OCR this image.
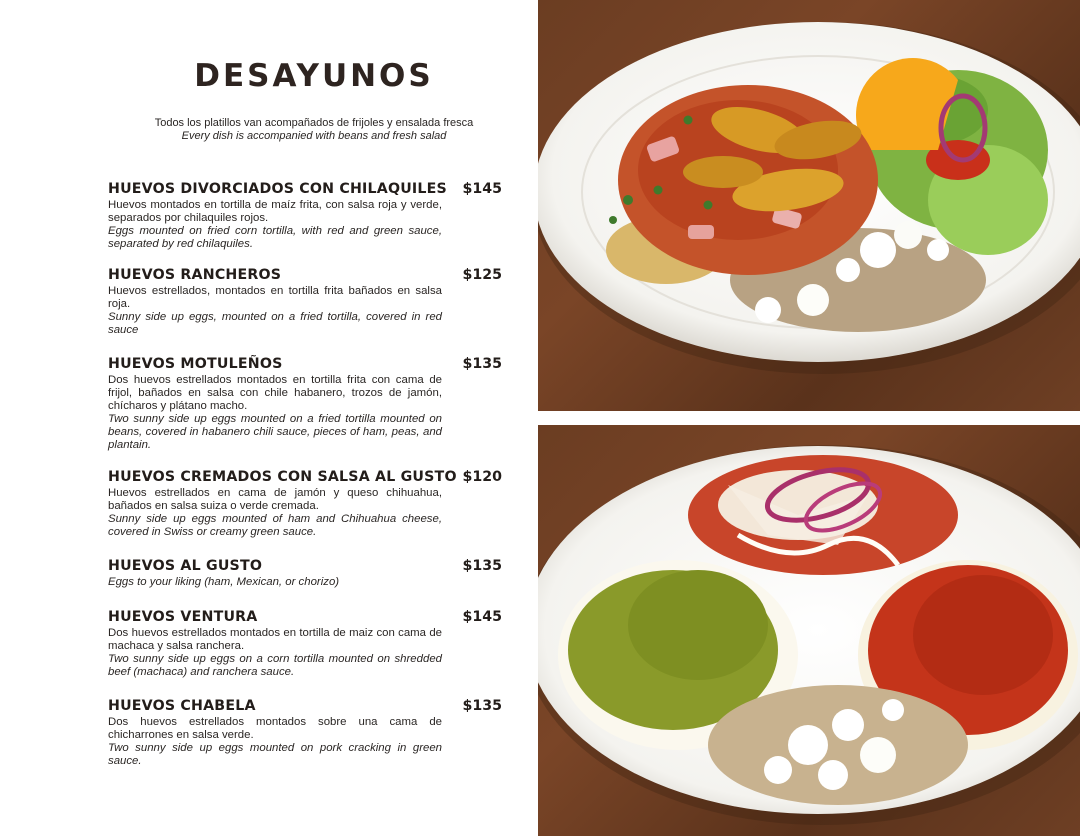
DESAYUNOS
Todos los platillos van acompañados de frijoles y ensalada fresca
Every dish is accompanied with beans and fresh salad
HUEVOS DIVORCIADOS CON CHILAQUILES	$145
Huevos montados en tortilla de maíz frita, con salsa roja y verde, separados por chilaquiles rojos.
Eggs mounted on fried corn tortilla, with red and green sauce, separated by red chilaquiles.
HUEVOS RANCHEROS	$125
Huevos estrellados, montados en tortilla frita bañados en salsa roja.
Sunny side up eggs, mounted on a fried tortilla, covered in red sauce
HUEVOS MOTULEÑOS	$135
Dos huevos estrellados montados en tortilla frita con cama de frijol, bañados en salsa con chile habanero, trozos de jamón, chícharos y plátano macho.
Two sunny side up eggs mounted on a fried tortilla mounted on beans, covered in habanero chili sauce, pieces of ham, peas, and plantain.
HUEVOS CREMADOS CON SALSA AL GUSTO $120
Huevos estrellados en cama de jamón y queso chihuahua, bañados en salsa suiza o verde cremada.
Sunny side up eggs mounted of ham and Chihuahua cheese, covered in Swiss or creamy green sauce.
HUEVOS AL GUSTO	$135
Eggs to your liking (ham, Mexican, or chorizo)
HUEVOS VENTURA	$145
Dos huevos estrellados montados en tortilla de maiz con cama de machaca y salsa ranchera.
Two sunny side up eggs on a corn tortilla mounted on shredded beef (machaca) and ranchera sauce.
HUEVOS CHABELA	$135
Dos huevos estrellados montados sobre una cama de chicharrones en salsa verde.
Two sunny side up eggs mounted on pork cracking in green sauce.
